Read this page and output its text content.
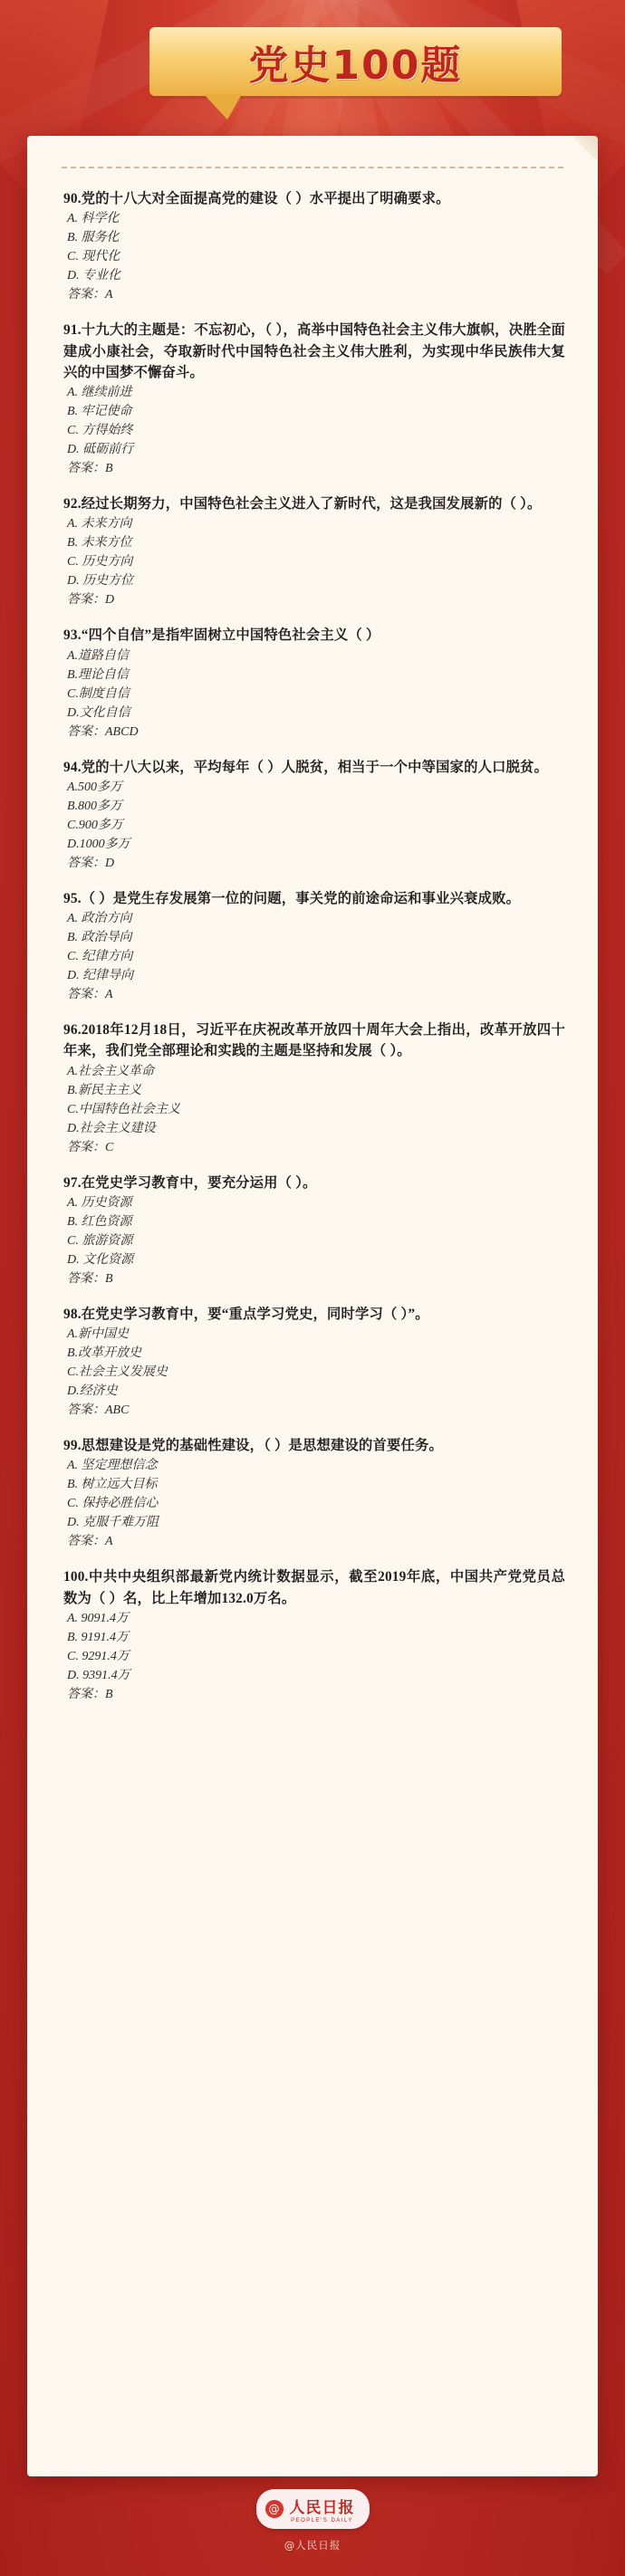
党史100题
90.党的十八大对全面提高党的建设（ ）水平提出了明确要求。
A. 科学化
B. 服务化
C. 现代化
D. 专业化
答案：A
91.十九大的主题是：不忘初心，（ ），高举中国特色社会主义伟大旗帜，决胜全面建成小康社会，夺取新时代中国特色社会主义伟大胜利，为实现中华民族伟大复兴的中国梦不懈奋斗。
A. 继续前进
B. 牢记使命
C. 方得始终
D. 砥砺前行
答案：B
92.经过长期努力，中国特色社会主义进入了新时代，这是我国发展新的（ ）。
A. 未来方向
B. 未来方位
C. 历史方向
D. 历史方位
答案：D
93.“四个自信”是指牢固树立中国特色社会主义（ ）
A.道路自信
B.理论自信
C.制度自信
D.文化自信
答案：ABCD
94.党的十八大以来，平均每年（ ）人脱贫，相当于一个中等国家的人口脱贫。
A.500多万
B.800多万
C.900多万
D.1000多万
答案：D
95.（ ）是党生存发展第一位的问题，事关党的前途命运和事业兴衰成败。
A. 政治方向
B. 政治导向
C. 纪律方向
D. 纪律导向
答案：A
96.2018年12月18日，习近平在庆祝改革开放四十周年大会上指出，改革开放四十年来，我们党全部理论和实践的主题是坚持和发展（ ）。
A.社会主义革命
B.新民主主义
C.中国特色社会主义
D.社会主义建设
答案：C
97.在党史学习教育中，要充分运用（ ）。
A. 历史资源
B. 红色资源
C. 旅游资源
D. 文化资源
答案：B
98.在党史学习教育中，要“重点学习党史，同时学习（ ）”。
A.新中国史
B.改革开放史
C.社会主义发展史
D.经济史
答案：ABC
99.思想建设是党的基础性建设，（ ）是思想建设的首要任务。
A. 坚定理想信念
B. 树立远大目标
C. 保持必胜信心
D. 克服千难万阻
答案：A
100.中共中央组织部最新党内统计数据显示，截至2019年底，中国共产党党员总数为（ ）名，比上年增加132.0万名。
A. 9091.4万
B. 9191.4万
C. 9291.4万
D. 9391.4万
答案：B
@ 人民日报
PEOPLE'S DAILY
@人民日报
